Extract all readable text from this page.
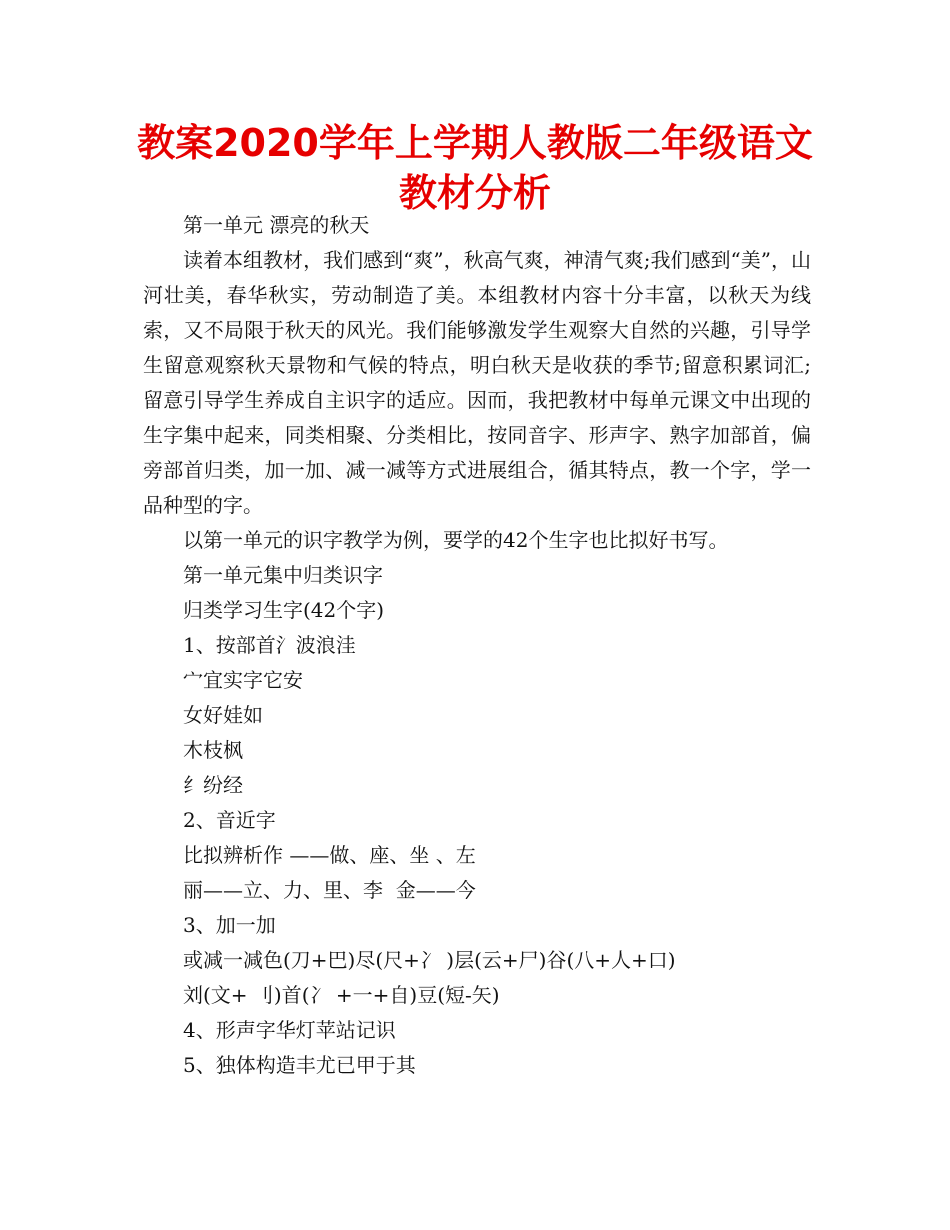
教案2020学年上学期人教版二年级语文教材分析

第一单元 漂亮的秋天

读着本组教材，我们感到“爽”，秋高气爽，神清气爽;我们感到“美”，山河壮美，春华秋实，劳动制造了美。本组教材内容十分丰富，以秋天为线索，又不局限于秋天的风光。我们能够激发学生观察大自然的兴趣，引导学生留意观察秋天景物和气候的特点，明白秋天是收获的季节;留意积累词汇;留意引导学生养成自主识字的适应。因而，我把教材中每单元课文中出现的生字集中起来，同类相聚、分类相比，按同音字、形声字、熟字加部首，偏旁部首归类，加一加、减一减等方式进展组合，循其特点，教一个字，学一品种型的字。

以第一单元的识字教学为例，要学的42个生字也比拟好书写。

第一单元集中归类识字

归类学习生字(42个字)

1、按部首氵波浪洼

宀宜实字它安

女好娃如

木枝枫

纟纷经

2、音近字

比拟辨析作 ——做、座、坐 、左

丽——立、力、里、李  金——今

3、加一加

或减一减色(刀+巴)尽(尺+冫 )层(云+尸)谷(八+人+口)

刘(文+ 刂)首(冫 +一+自)豆(短-矢)

4、形声字华灯苹站记识

5、独体构造丰尤已甲于其
